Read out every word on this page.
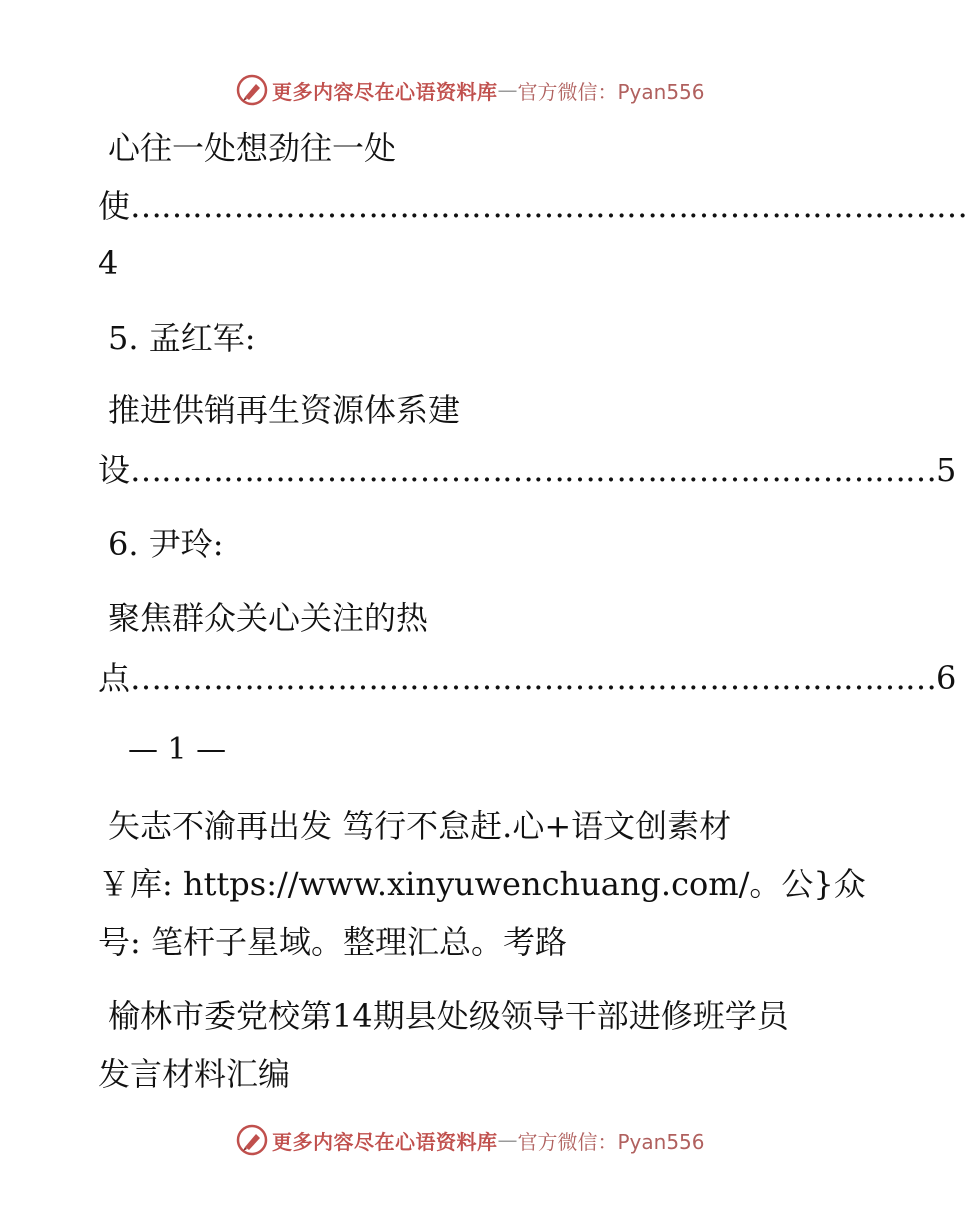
更多内容尽在心语资料库 — 官方微信：Pyan556
心往一处想劲往一处
使 ………………………………………………………………………
4
5. 孟红军:
推进供销再生资源体系建
设 …………………………………………………………………… 5
6. 尹玲:
聚焦群众关心关注的热
点 …………………………………………………………………… 6
— 1 —
矢志不渝再出发 笃行不怠赶.心+语文创素材
￥库: https://www.xinyuwenchuang.com/。公}众
号: 笔杆子星域。整理汇总。考路
榆林市委党校第14期县处级领导干部进修班学员
发言材料汇编
更多内容尽在心语资料库 — 官方微信：Pyan556
